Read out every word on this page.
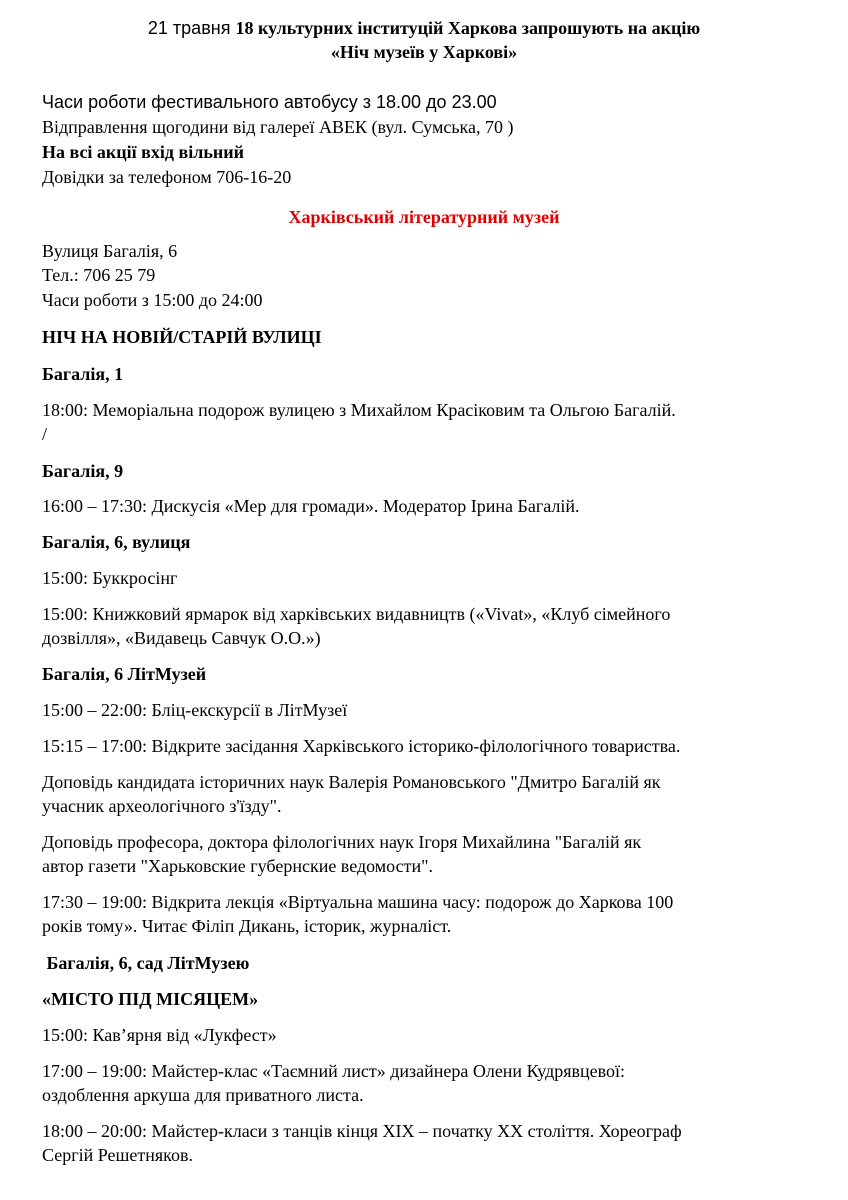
21 травня 18 культурних інституцій Харкова запрошують на акцію
«Ніч музеїв у Харкові»
Часи роботи фестивального автобусу з 18.00 до 23.00
Відправлення щогодини від галереї АВЕК (вул. Сумська, 70 )
На всі акції вхід вільний
Довідки за телефоном 706-16-20
Харківський літературний музей
Вулиця Багалія, 6
Тел.: 706 25 79
Часи роботи з 15:00 до 24:00
НІЧ НА НОВІЙ/СТАРІЙ ВУЛИЦІ
Багалія, 1
18:00: Меморіальна подорож вулицею з Михайлом Красіковим та Ольгою Багалій.
/
Багалія, 9
16:00 – 17:30: Дискусія «Мер для громади». Модератор Ірина Багалій.
Багалія, 6, вулиця
15:00: Буккросінг
15:00: Книжковий ярмарок від харківських видавництв («Vivat», «Клуб сімейного
дозвілля», «Видавець Савчук О.О.»)
Багалія, 6 ЛітМузей
15:00 – 22:00: Бліц-екскурсії в ЛітМузеї
15:15 – 17:00: Відкрите засідання Харківського історико-філологічного товариства.
Доповідь кандидата історичних наук Валерія Романовського "Дмитро Багалій як
учасник археологічного з'їзду".
Доповідь професора, доктора філологічних наук Ігоря Михайлина "Багалій як
автор газети "Харьковские губернские ведомости".
17:30 – 19:00: Відкрита лекція «Віртуальна машина часу: подорож до Харкова 100
років тому». Читає Філіп Дикань, історик, журналіст.
Багалія, 6, сад ЛітМузею
«МІСТО ПІД МІСЯЦЕМ»
15:00: Кав’ярня від «Лукфест»
17:00 – 19:00: Майстер-клас «Таємний лист» дизайнера Олени Кудрявцевої:
оздоблення аркуша для приватного листа.
18:00 – 20:00: Майстер-класи з танців кінця ХІХ – початку ХХ століття. Хореограф
Сергій Решетняков.
